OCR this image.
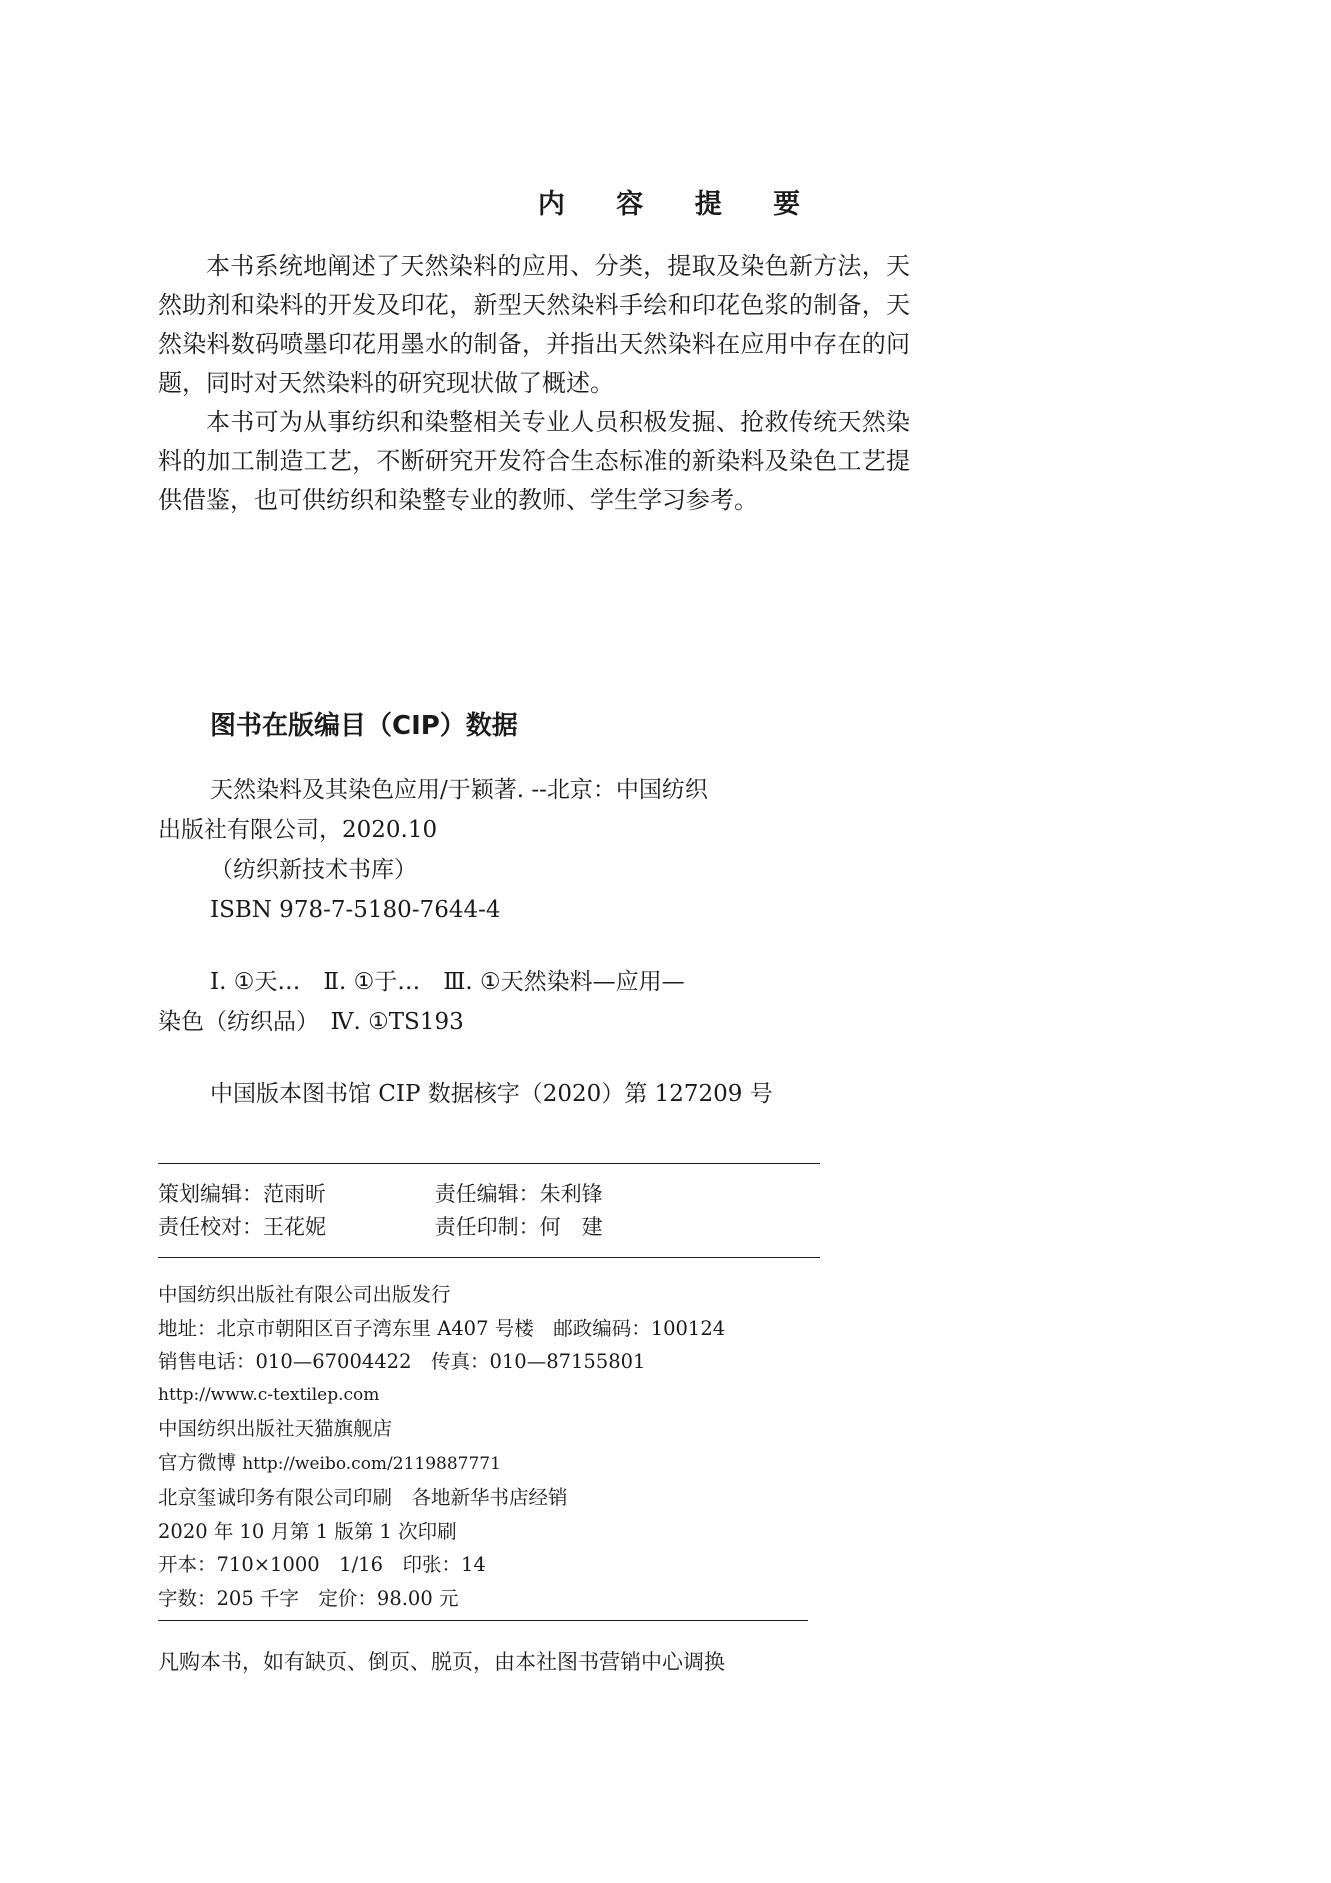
内 容 提 要

本书系统地阐述了天然染料的应用、分类，提取及染色新方法，天然助剂和染料的开发及印花，新型天然染料手绘和印花色浆的制备，天然染料数码喷墨印花用墨水的制备，并指出天然染料在应用中存在的问题，同时对天然染料的研究现状做了概述。

本书可为从事纺织和染整相关专业人员积极发掘、抢救传统天然染料的加工制造工艺，不断研究开发符合生态标准的新染料及染色工艺提供借鉴，也可供纺织和染整专业的教师、学生学习参考。

图书在版编目（CIP）数据
天然染料及其染色应用/于颖著. --北京：中国纺织
出版社有限公司，2020.10
（纺织新技术书库）
ISBN 978-7-5180-7644-4
Ⅰ. ①天…　Ⅱ. ①于…　Ⅲ. ①天然染料—应用—
染色（纺织品）　Ⅳ. ①TS193
中国版本图书馆 CIP 数据核字（2020）第 127209 号
策划编辑：范雨昕	责任编辑：朱利锋
责任校对：王花妮	责任印制：何　建
中国纺织出版社有限公司出版发行
地址：北京市朝阳区百子湾东里 A407 号楼　邮政编码：100124
销售电话：010—67004422　传真：010—87155801
http://www.c-textilep.com
中国纺织出版社天猫旗舰店
官方微博 http://weibo.com/2119887771
北京玺诚印务有限公司印刷　各地新华书店经销
2020 年 10 月第 1 版第 1 次印刷
开本：710×1000　1/16　印张：14
字数：205 千字　定价：98.00 元
凡购本书，如有缺页、倒页、脱页，由本社图书营销中心调换
